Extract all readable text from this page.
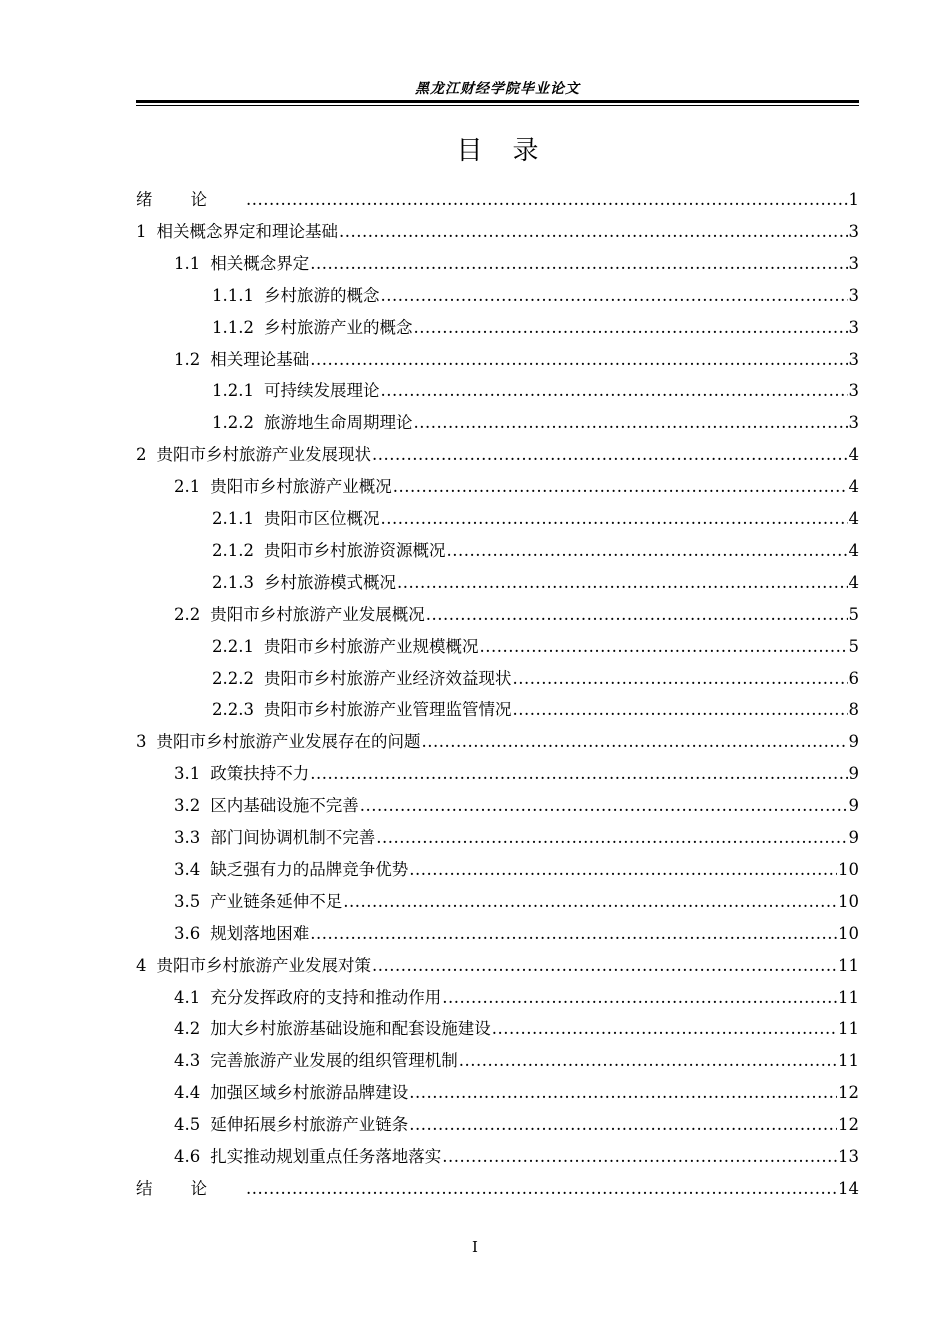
黑龙江财经学院毕业论文
目录
绪论 .....	1
1 相关概念界定和理论基础 .....	3
1.1 相关概念界定 .....	3
1.1.1 乡村旅游的概念 .....	3
1.1.2 乡村旅游产业的概念 .....	3
1.2 相关理论基础 .....	3
1.2.1 可持续发展理论 .....	3
1.2.2 旅游地生命周期理论 .....	3
2 贵阳市乡村旅游产业发展现状 .....	4
2.1 贵阳市乡村旅游产业概况 .....	4
2.1.1 贵阳市区位概况 .....	4
2.1.2 贵阳市乡村旅游资源概况 .....	4
2.1.3 乡村旅游模式概况 .....	4
2.2 贵阳市乡村旅游产业发展概况 .....	5
2.2.1 贵阳市乡村旅游产业规模概况 .....	5
2.2.2 贵阳市乡村旅游产业经济效益现状 .....	6
2.2.3 贵阳市乡村旅游产业管理监管情况 .....	8
3 贵阳市乡村旅游产业发展存在的问题 .....	9
3.1 政策扶持不力 .....	9
3.2 区内基础设施不完善 .....	9
3.3 部门间协调机制不完善 .....	9
3.4 缺乏强有力的品牌竞争优势 .....	10
3.5 产业链条延伸不足 .....	10
3.6 规划落地困难 .....	10
4 贵阳市乡村旅游产业发展对策 .....	11
4.1 充分发挥政府的支持和推动作用 .....	11
4.2 加大乡村旅游基础设施和配套设施建设 .....	11
4.3 完善旅游产业发展的组织管理机制 .....	11
4.4 加强区域乡村旅游品牌建设 .....	12
4.5 延伸拓展乡村旅游产业链条 .....	12
4.6 扎实推动规划重点任务落地落实 .....	13
结论 .....	14
I
